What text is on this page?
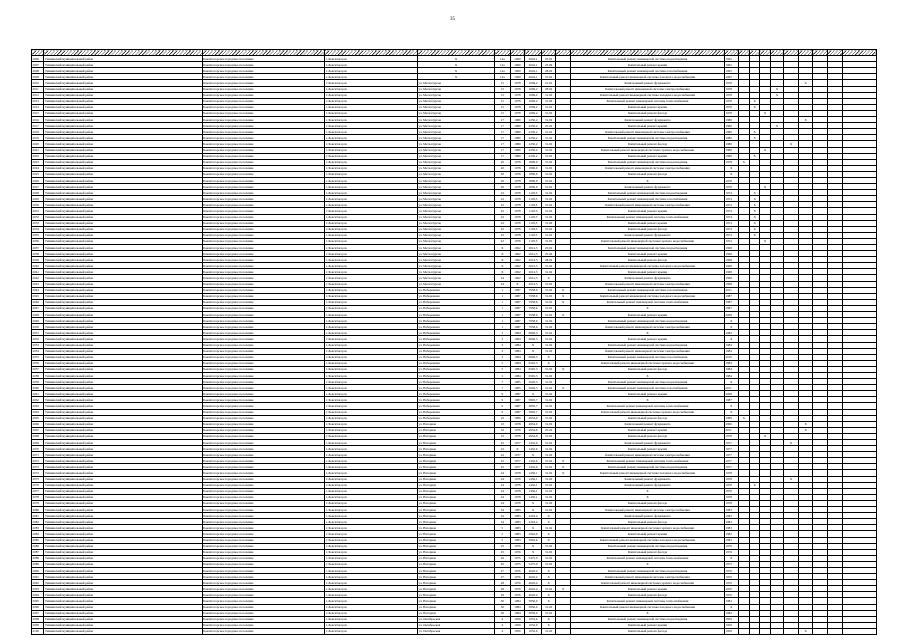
35

2006	Тихвинский муниципальный район	Бокситогорское городское поселение	г. Бокситогорск	Х	14а	1960	2042,1	25.02		Капитальный ремонт инженерной системы водоотведения	1965									
2007	Тихвинский муниципальный район	Бокситогорское городское поселение	г. Бокситогорск	Х	14а	1960	2042,1	25.06		Капитальный ремонт крыши	1965									
2008	Тихвинский муниципальный район	Бокситогорское городское поселение	г. Бокситогорск	Х	14а	1960	2042,1	28.02		Капитальный ремонт инженерной системы газоснабжения	1965									
2009	Тихвинский муниципальный район	Бокситогорское городское поселение	г. Бокситогорск	Х	14а	1960	2042,1	31.02		Капитальный ремонт инженерной системы холодного водоснабжения	1965									
2010	Тихвинский муниципальный район	Бокситогорское городское поселение	г. Бокситогорск	ул. Металлургов	15	1978	1669,2	21.02		Капитальный ремонт фундамента	1978						Х			
2011	Тихвинский муниципальный район	Бокситогорское городское поселение	г. Бокситогорск	ул. Металлургов	15	1978	1669,2	28.02		Капитальный ремонт инженерной системы электроснабжения	1978				Х					
2012	Тихвинский муниципальный район	Бокситогорское городское поселение	г. Бокситогорск	ул. Металлургов	15	1978	1669,2	31.02		Капитальный ремонт инженерной системы холодного водоснабжения	1978				Х					
2013	Тихвинский муниципальный район	Бокситогорское городское поселение	г. Бокситогорск	ул. Металлургов	15	1978	1669,2	31.06		Капитальный ремонт инженерной системы теплоснабжения	1978		Х							
2014	Тихвинский муниципальный район	Бокситогорское городское поселение	г. Бокситогорск	ул. Металлургов	15	1978	1669,2	31.02		Капитальный ремонт крыши	1978		Х							
2015	Тихвинский муниципальный район	Бокситогорское городское поселение	г. Бокситогорск	ул. Металлургов	15	1978	1669,2	31.02		Капитальный ремонт фасада	1978			Х						
2016	Тихвинский муниципальный район	Бокситогорское городское поселение	г. Бокситогорск	ул. Металлургов	17	1980	2250,2	31.02		Капитальный ремонт фундамента	1980						Х			
2017	Тихвинский муниципальный район	Бокситогорское городское поселение	г. Бокситогорск	ул. Металлургов	17	1980	2250,2	25.02		Капитальный ремонт крыши	1980				Х					
2018	Тихвинский муниципальный район	Бокситогорское городское поселение	г. Бокситогорск	ул. Металлургов	17	1980	2250,2	31.02		Капитальный ремонт инженерной системы электроснабжения	1980		Х							
2019	Тихвинский муниципальный район	Бокситогорское городское поселение	г. Бокситогорск	ул. Металлургов	17	1980	2250,2	31.02		Капитальный ремонт инженерной системы водоотведения	1980		Х							
2020	Тихвинский муниципальный район	Бокситогорское городское поселение	г. Бокситогорск	ул. Металлургов	17	1980	2250,2	31.02		Капитальный ремонт фасада	1980					Х				
2021	Тихвинский муниципальный район	Бокситогорское городское поселение	г. Бокситогорск	ул. Металлургов	17	1980	2250,2	31.02		Капитальный ремонт инженерной системы горячего водоснабжения	1980			Х						
2022	Тихвинский муниципальный район	Бокситогорское городское поселение	г. Бокситогорск	ул. Металлургов	17	1980	2250,2	31.02		Капитальный ремонт крыши	1980		Х							
2023	Тихвинский муниципальный район	Бокситогорское городское поселение	г. Бокситогорск	ул. Металлургов	20	1978	1800,9	31.02		Капитальный ремонт инженерной системы водоотведения	1978	Х								
2024	Тихвинский муниципальный район	Бокситогорское городское поселение	г. Бокситогорск	ул. Металлургов	20	1978	1800,9	31.02		Капитальный ремонт инженерной системы электроснабжения	Х									
2025	Тихвинский муниципальный район	Бокситогорское городское поселение	г. Бокситогорск	ул. Металлургов	20	1978	1800,9	31.02		Капитальный ремонт фасада	Х									
2026	Тихвинский муниципальный район	Бокситогорское городское поселение	г. Бокситогорск	ул. Металлургов	20	1978	1800,9	31.02		Х	1978									
2027	Тихвинский муниципальный район	Бокситогорское городское поселение	г. Бокситогорск	ул. Металлургов	20	1978	1800,9	31.02		Капитальный ремонт фундамента	1978			Х						
2028	Тихвинский муниципальный район	Бокситогорское городское поселение	г. Бокситогорск	ул. Металлургов	22	1978	1118,3	31.02		Капитальный ремонт инженерной системы водоотведения	1974		Х							
2029	Тихвинский муниципальный район	Бокситогорское городское поселение	г. Бокситогорск	ул. Металлургов	22	1978	1118,3	31.02		Капитальный ремонт инженерной системы газоснабжения	1974		Х							
2030	Тихвинский муниципальный район	Бокситогорское городское поселение	г. Бокситогорск	ул. Металлургов	22	1978	1118,3	31.02		Капитальный ремонт инженерной системы электроснабжения	1974		Х							
2031	Тихвинский муниципальный район	Бокситогорское городское поселение	г. Бокситогорск	ул. Металлургов	22	1978	1118,3	31.02		Капитальный ремонт крыши	1974		Х							
2032	Тихвинский муниципальный район	Бокситогорское городское поселение	г. Бокситогорск	ул. Металлургов	22	1978	1118,3	31.02		Капитальный ремонт инженерной системы теплоснабжения	1974		Х							
2033	Тихвинский муниципальный район	Бокситогорское городское поселение	г. Бокситогорск	ул. Металлургов	22	1978	1118,3	31.06		Капитальный ремонт крыши	1974		Х							
2034	Тихвинский муниципальный район	Бокситогорское городское поселение	г. Бокситогорск	ул. Металлургов	22	1978	1118,3	31.02		Капитальный ремонт фасада	1974		Х							
2035	Тихвинский муниципальный район	Бокситогорское городское поселение	г. Бокситогорск	ул. Металлургов	22	1978	1118,3	31.02		Капитальный ремонт фундамента	1974		Х							
2036	Тихвинский муниципальный район	Бокситогорское городское поселение	г. Бокситогорск	ул. Металлургов	22	1978	1118,3	31.02		Капитальный ремонт инженерной системы горячего водоснабжения	1974			Х						
2037	Тихвинский муниципальный район	Бокситогорское городское поселение	г. Бокситогорск	ул. Металлургов	Х	1962	2012,5	25.02		Капитальный ремонт инженерной системы водоотведения	1968									
2038	Тихвинский муниципальный район	Бокситогорское городское поселение	г. Бокситогорск	ул. Металлургов	Х	1962	2012,5	25.06		Капитальный ремонт крыши	1968									
2039	Тихвинский муниципальный район	Бокситогорское городское поселение	г. Бокситогорск	ул. Металлургов	Х	1962	2012,5	28.02		Капитальный ремонт фасада	1968									
2040	Тихвинский муниципальный район	Бокситогорское городское поселение	г. Бокситогорск	ул. Металлургов	Х	1962	2012,5	31.02		Капитальный ремонт инженерной системы холодного водоснабжения	1968									
2041	Тихвинский муниципальный район	Бокситогорское городское поселение	г. Бокситогорск	ул. Металлургов	Х	1962	2012,5	31.02		Капитальный ремонт крыши	1968									
2042	Тихвинский муниципальный район	Бокситогорское городское поселение	г. Бокситогорск	ул. Металлургов	24	1962	2012,5	Х		Капитальный ремонт фундамента	1968									
2043	Тихвинский муниципальный район	Бокситогорское городское поселение	г. Бокситогорск	ул. Металлургов	24	Х	2012,5	31.02		Капитальный ремонт инженерной системы электроснабжения	1968									
2044	Тихвинский муниципальный район	Бокситогорское городское поселение	г. Бокситогорск	ул. Набережная	1	1987	7958,6	31.02	Х	Капитальный ремонт инженерной системы газоснабжения	2011									
2045	Тихвинский муниципальный район	Бокситогорское городское поселение	г. Бокситогорск	ул. Набережная	1	1987	7958,6	31.02	Х	Капитальный ремонт инженерной системы холодного водоснабжения	1987									
2046	Тихвинский муниципальный район	Бокситогорское городское поселение	г. Бокситогорск	ул. Набережная	1	1987	7958,6	31.02	Х	Капитальный ремонт инженерной системы теплоснабжения	1987									
2047	Тихвинский муниципальный район	Бокситогорское городское поселение	г. Бокситогорск	ул. Набережная	1	1987	7958,6	31.02		Х	1987									
2048	Тихвинский муниципальный район	Бокситогорское городское поселение	г. Бокситогорск	ул. Набережная	1	1987	7958,6	31.02	Х	Капитальный ремонт крыши	2008									
2049	Тихвинский муниципальный район	Бокситогорское городское поселение	г. Бокситогорск	ул. Набережная	1	1987	7958,6	31.02		Капитальный ремонт инженерной системы водоотведения	Х									
2050	Тихвинский муниципальный район	Бокситогорское городское поселение	г. Бокситогорск	ул. Набережная	1	1987	7958,6	31.02		Капитальный ремонт инженерной системы электроснабжения	Х									
2051	Тихвинский муниципальный район	Бокситогорское городское поселение	г. Бокситогорск	ул. Набережная	3	1984	6846,3	31.02		Х	1984									
2052	Тихвинский муниципальный район	Бокситогорское городское поселение	г. Бокситогорск	ул. Набережная	3	1984	6846,3	31.02		Капитальный ремонт крыши	Х									
2053	Тихвинский муниципальный район	Бокситогорское городское поселение	г. Бокситогорск	ул. Набережная	3	1984	Х	31.02		Капитальный ремонт инженерной системы водоотведения	1984									
2054	Тихвинский муниципальный район	Бокситогорское городское поселение	г. Бокситогорск	ул. Набережная	3	1984	Х	31.02		Капитальный ремонт инженерной системы электроснабжения	1984									
2055	Тихвинский муниципальный район	Бокситогорское городское поселение	г. Бокситогорск	ул. Набережная	3	1984	6846,3	Х		Капитальный ремонт инженерной системы газоснабжения	2010									
2056	Тихвинский муниципальный район	Бокситогорское городское поселение	г. Бокситогорск	ул. Набережная	5	1984	6565,3	Х		Капитальный ремонт инженерной системы горячего водоснабжения	1984									
2057	Тихвинский муниципальный район	Бокситогорское городское поселение	г. Бокситогорск	ул. Набережная	5	1984	6565,3	31.02	Х	Капитальный ремонт фасада	1984									
2058	Тихвинский муниципальный район	Бокситогорское городское поселение	г. Бокситогорск	ул. Набережная	5	1984	6565,3	31.02		Х	1984									
2059	Тихвинский муниципальный район	Бокситогорское городское поселение	г. Бокситогорск	ул. Набережная	7	1985	5626,3	31.02		Капитальный ремонт инженерной системы водоотведения	Х									
2060	Тихвинский муниципальный район	Бокситогорское городское поселение	г. Бокситогорск	ул. Набережная	7	1985	5626,3	31.02	Х	Капитальный ремонт инженерной системы газоснабжения	2011									
2061	Тихвинский муниципальный район	Бокситогорское городское поселение	г. Бокситогорск	ул. Набережная	9	1987	Х	31.02		Капитальный ремонт крыши	2008									
2062	Тихвинский муниципальный район	Бокситогорское городское поселение	г. Бокситогорск	ул. Набережная	9	1987	5805,7	31.02		Х	1987									
2063	Тихвинский муниципальный район	Бокситогорское городское поселение	г. Бокситогорск	ул. Набережная	9	1987	5805,7	31.02		Капитальный ремонт инженерной системы теплоснабжения	Х									
2064	Тихвинский муниципальный район	Бокситогорское городское поселение	г. Бокситогорск	ул. Набережная	9	1987	5805,7	31.02		Капитальный ремонт инженерной системы горячего водоснабжения	Х									
2065	Тихвинский муниципальный район	Бокситогорское городское поселение	г. Бокситогорск	ул. Набережная	10	1989	4954,9	31.02		Капитальный ремонт фасада	1989	Х								
2066	Тихвинский муниципальный район	Бокситогорское городское поселение	г. Бокситогорск	ул. Нагорная	10	1978	4954,9	31.02		Капитальный ремонт фундамента	2006						Х			
2067	Тихвинский муниципальный район	Бокситогорское городское поселение	г. Бокситогорск	ул. Нагорная	10	1978	4954,9	25.02		Капитальный ремонт крыши	2011						Х			
2068	Тихвинский муниципальный район	Бокситогорское городское поселение	г. Бокситогорск	ул. Нагорная	10	1978	4954,9	31.02		Капитальный ремонт фасада	1978			Х						
2069	Тихвинский муниципальный район	Бокситогорское городское поселение	г. Бокситогорск	ул. Нагорная	22	1977	1432,6	31.02		Капитальный ремонт фундамента	1977					Х				
2070	Тихвинский муниципальный район	Бокситогорское городское поселение	г. Бокситогорск	ул. Нагорная	22	Х	1432,6	31.02		Капитальный ремонт крыши	1977									
2071	Тихвинский муниципальный район	Бокситогорское городское поселение	г. Бокситогорск	ул. Нагорная	22	1977	Х	31.02		Капитальный ремонт инженерной системы электроснабжения	1977									
2072	Тихвинский муниципальный район	Бокситогорское городское поселение	г. Бокситогорск	ул. Нагорная	22	1977	1432,6	31.02	Х	Капитальный ремонт инженерной системы теплоснабжения	1977									
2073	Тихвинский муниципальный район	Бокситогорское городское поселение	г. Бокситогорск	ул. Нагорная	22	1977	1432,6	31.02	Х	Капитальный ремонт инженерной системы водоотведения	1977									
2074	Тихвинский муниципальный район	Бокситогорское городское поселение	г. Бокситогорск	ул. Нагорная	24	1978	1456,1	31.02	Х	Капитальный ремонт инженерной системы холодного водоснабжения	1978									
2075	Тихвинский муниципальный район	Бокситогорское городское поселение	г. Бокситогорск	ул. Нагорная	24	1978	1456,1	31.02		Капитальный ремонт фундамента	1978					Х				
2076	Тихвинский муниципальный район	Бокситогорское городское поселение	г. Бокситогорск	ул. Нагорная	24	1978	1456,1	31.02		Капитальный ремонт фундамента	1978		Х							
2077	Тихвинский муниципальный район	Бокситогорское городское поселение	г. Бокситогорск	ул. Нагорная	24	1978	1456,1	31.02		Х	1978									
2078	Тихвинский муниципальный район	Бокситогорское городское поселение	г. Бокситогорск	ул. Нагорная	24	1978	1456,1	31.02		Х	1978									
2079	Тихвинский муниципальный район	Бокситогорское городское поселение	г. Бокситогорск	ул. Нагорная	24	1978	Х	31.02		Капитальный ремонт фасада	1978									
2080	Тихвинский муниципальный район	Бокситогорское городское поселение	г. Бокситогорск	ул. Нагорная	34	1983	Х	31.02		Капитальный ремонт инженерной системы электроснабжения	1983									
2081	Тихвинский муниципальный район	Бокситогорское городское поселение	г. Бокситогорск	ул. Нагорная	34	1983	2263,4	Х		Капитальный ремонт фундамента	1983									
2082	Тихвинский муниципальный район	Бокситогорское городское поселение	г. Бокситогорск	ул. Нагорная	34	1983	2263,4	Х		Капитальный ремонт фасада	1983									
2083	Тихвинский муниципальный район	Бокситогорское городское поселение	г. Бокситогорск	ул. Нагорная	5	1983	Х	31.02		Капитальный ремонт инженерной системы горячего водоснабжения	1983									
2084	Тихвинский муниципальный район	Бокситогорское городское поселение	г. Бокситогорск	ул. Нагорная	5	1983	5962,6	Х		Капитальный ремонт крыши	1983									
2085	Тихвинский муниципальный район	Бокситогорское городское поселение	г. Бокситогорск	ул. Нагорная	5	1983	5962,6	Х		Капитальный ремонт инженерной системы холодного водоснабжения	1983									
2086	Тихвинский муниципальный район	Бокситогорское городское поселение	г. Бокситогорск	ул. Нагорная	25	1976	Х	31.02		Капитальный ремонт инженерной системы водоотведения	1976									
2087	Тихвинский муниципальный район	Бокситогорское городское поселение	г. Бокситогорск	ул. Нагорная	25	1976	Х	31.02		Капитальный ремонт фасада	1976									
2088	Тихвинский муниципальный район	Бокситогорское городское поселение	г. Бокситогорск	ул. Нагорная	26	1975	5475,0	31.02		Капитальный ремонт инженерной системы теплоснабжения	Х									
2089	Тихвинский муниципальный район	Бокситогорское городское поселение	г. Бокситогорск	ул. Нагорная	26	1975	5475,0	31.02		Х	1975									
2090	Тихвинский муниципальный район	Бокситогорское городское поселение	г. Бокситогорск	ул. Нагорная	27	1976	4645,4	Х		Капитальный ремонт инженерной системы водоотведения	1976									
2091	Тихвинский муниципальный район	Бокситогорское городское поселение	г. Бокситогорск	ул. Нагорная	27	1976	4645,4	Х		Капитальный ремонт инженерной системы электроснабжения	1976									
2092	Тихвинский муниципальный район	Бокситогорское городское поселение	г. Бокситогорск	ул. Нагорная	28	1976	4645,4	Х		Капитальный ремонт инженерной системы горячего водоснабжения	1976									
2093	Тихвинский муниципальный район	Бокситогорское городское поселение	г. Бокситогорск	ул. Нагорная	28	1976	4645,4	31.02	Х	Капитальный ремонт крыши	1976									
2094	Тихвинский муниципальный район	Бокситогорское городское поселение	г. Бокситогорск	ул. Нагорная	29	1976	4645,4	Х		Капитальный ремонт фасада	1976									
2095	Тихвинский муниципальный район	Бокситогорское городское поселение	г. Бокситогорск	ул. Нагорная	30	1984	5856,0	Х		Капитальный ремонт инженерной системы теплоснабжения	1984									
2096	Тихвинский муниципальный район	Бокситогорское городское поселение	г. Бокситогорск	ул. Нагорная	30	1984	5856,0	31.02		Капитальный ремонт инженерной системы холодного водоснабжения	Х									
2097	Тихвинский муниципальный район	Бокситогорское городское поселение	г. Бокситогорск	ул. Нагорная	30	1984	5856,0	31.02		Х	1984									
2098	Тихвинский муниципальный район	Бокситогорское городское поселение	г. Бокситогорск	ул. Октябрьская	4	1959	1052,6	Х		Капитальный ремонт инженерной системы водоотведения	1959									
2099	Тихвинский муниципальный район	Бокситогорское городское поселение	г. Бокситогорск	ул. Октябрьская	4	1959	1052,6	Х		Капитальный ремонт крыши	1959									
2100	Тихвинский муниципальный район	Бокситогорское городское поселение	г. Бокситогорск	ул. Октябрьская	4	1959	1052,6	31.02		Капитальный ремонт фасада	1959						Х			
